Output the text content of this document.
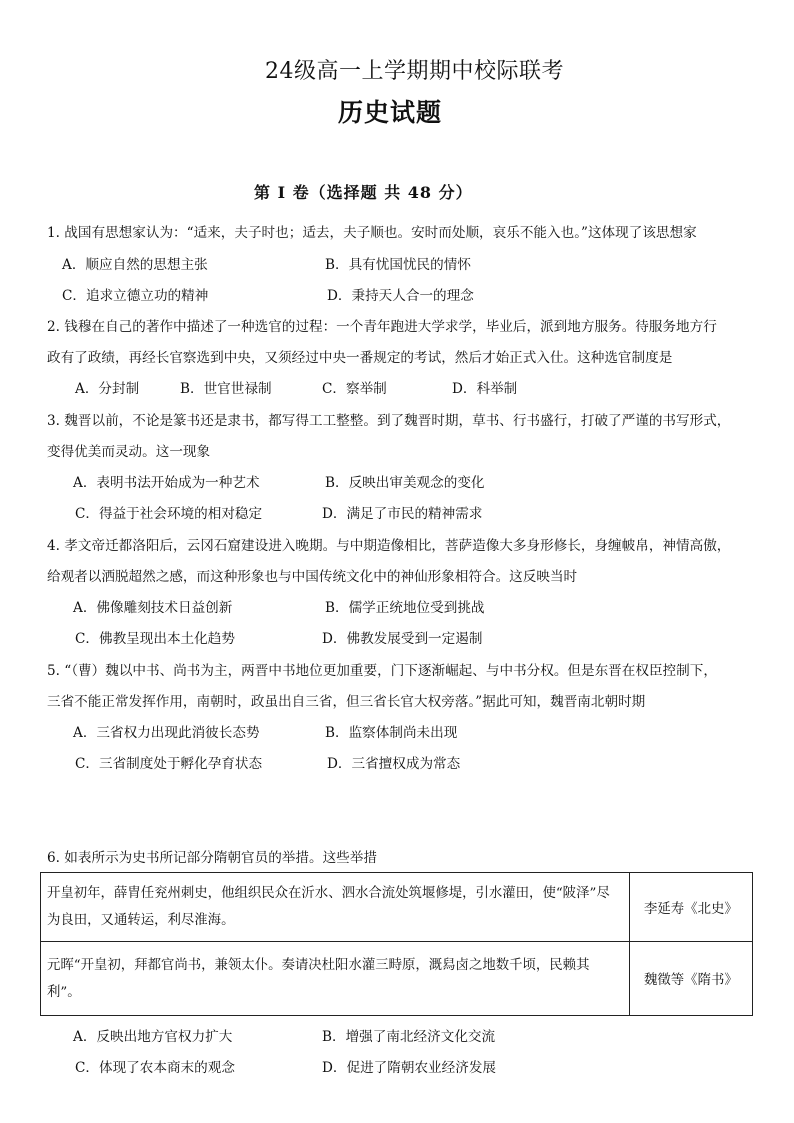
24级高一上学期期中校际联考
历史试题
第 I 卷（选择题 共 48 分）
1. 战国有思想家认为：“适来，夫子时也；适去，夫子顺也。安时而处顺，哀乐不能入也。”这体现了该思想家
A．顺应自然的思想主张	B．具有忧国忧民的情怀
C．追求立德立功的精神	D．秉持天人合一的理念
2. 钱穆在自己的著作中描述了一种选官的过程：一个青年跑进大学求学，毕业后，派到地方服务。待服务地方行
政有了政绩，再经长官察选到中央，又须经过中央一番规定的考试，然后才始正式入仕。这种选官制度是
A．分封制	B．世官世禄制	C．察举制	D．科举制
3. 魏晋以前，不论是篆书还是隶书，都写得工工整整。到了魏晋时期，草书、行书盛行，打破了严谨的书写形式，
变得优美而灵动。这一现象
A．表明书法开始成为一种艺术	B．反映出审美观念的变化
C．得益于社会环境的相对稳定	D．满足了市民的精神需求
4. 孝文帝迁都洛阳后，云冈石窟建设进入晚期。与中期造像相比，菩萨造像大多身形修长，身缠帔帛，神情高傲，
给观者以洒脱超然之感，而这种形象也与中国传统文化中的神仙形象相符合。这反映当时
A．佛像雕刻技术日益创新	B．儒学正统地位受到挑战
C．佛教呈现出本土化趋势	D．佛教发展受到一定遏制
5. “（曹）魏以中书、尚书为主，两晋中书地位更加重要，门下逐渐崛起、与中书分权。但是东晋在权臣控制下，
三省不能正常发挥作用，南朝时，政虽出自三省，但三省长官大权旁落。”据此可知，魏晋南北朝时期
A．三省权力出现此消彼长态势	B．监察体制尚未出现
C．三省制度处于孵化孕育状态	D．三省擅权成为常态
6. 如表所示为史书所记部分隋朝官员的举措。这些举措
开皇初年，薛胄任兖州刺史，他组织民众在沂水、泗水合流处筑堰修堤，引水灌田，使“陂泽”尽为良田，又通转运，利尽淮海。	李延寿《北史》
元晖“开皇初，拜都官尚书，兼领太仆。奏请决杜阳水灌三畤原，溉舄卤之地数千顷，民赖其利”。	魏徵等《隋书》
A．反映出地方官权力扩大	B．增强了南北经济文化交流
C．体现了农本商末的观念	D．促进了隋朝农业经济发展
